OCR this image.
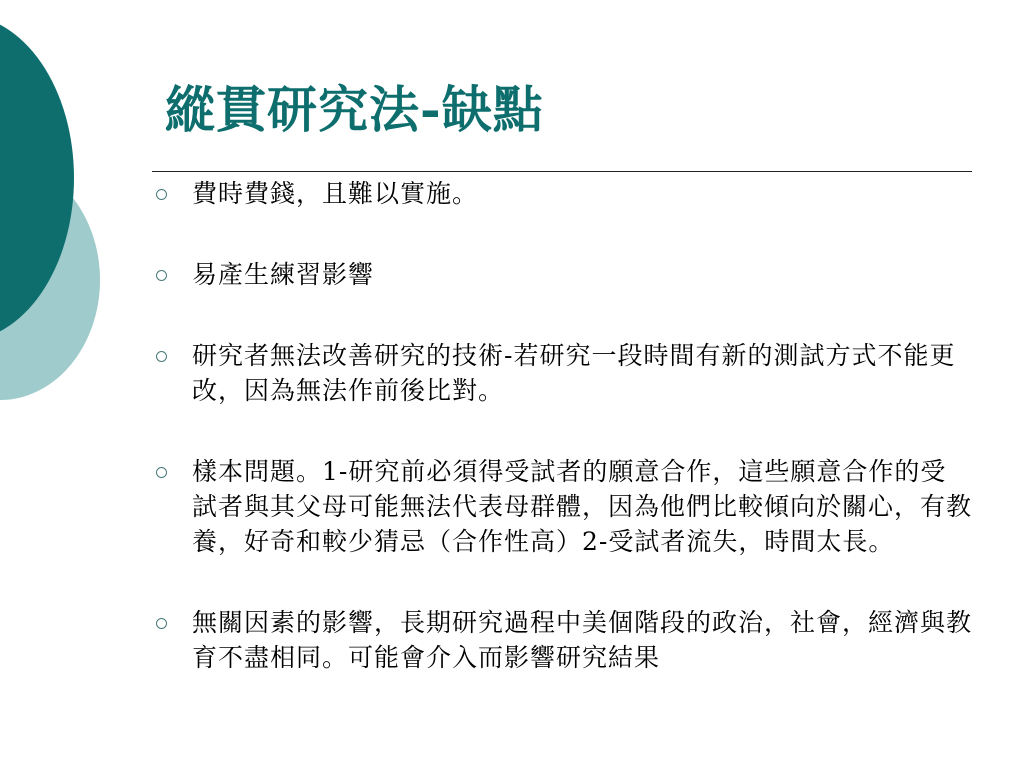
縱貫研究法-缺點
費時費錢，且難以實施。
易產生練習影響
研究者無法改善研究的技術-若研究一段時間有新的測試方式不能更改，因為無法作前後比對。
樣本問題。1-研究前必須得受試者的願意合作，這些願意合作的受試者與其父母可能無法代表母群體，因為他們比較傾向於關心，有教養，好奇和較少猜忌（合作性高）2-受試者流失，時間太長。
無關因素的影響，長期研究過程中美個階段的政治，社會，經濟與教育不盡相同。可能會介入而影響研究結果
